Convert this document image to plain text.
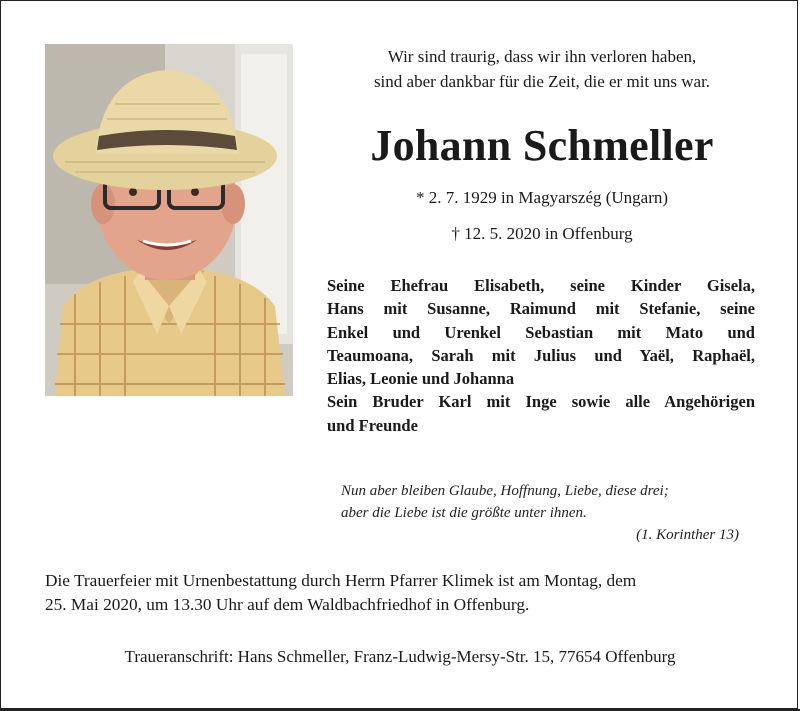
Wir sind traurig, dass wir ihn verloren haben,
sind aber dankbar für die Zeit, die er mit uns war.
Johann Schmeller
* 2. 7. 1929 in Magyarszég (Ungarn)
† 12. 5. 2020 in Offenburg
Seine Ehefrau Elisabeth, seine Kinder Gisela,
Hans mit Susanne, Raimund mit Stefanie, seine
Enkel und Urenkel Sebastian mit Mato und
Teaumoana, Sarah mit Julius und Yaël, Raphaël,
Elias, Leonie und Johanna
Sein Bruder Karl mit Inge sowie alle Angehörigen
und Freunde
Nun aber bleiben Glaube, Hoffnung, Liebe, diese drei;
aber die Liebe ist die größte unter ihnen.
(1. Korinther 13)
Die Trauerfeier mit Urnenbestattung durch Herrn Pfarrer Klimek ist am Montag, dem
25. Mai 2020, um 13.30 Uhr auf dem Waldbachfriedhof in Offenburg.
Traueranschrift: Hans Schmeller, Franz-Ludwig-Mersy-Str. 15, 77654 Offenburg
